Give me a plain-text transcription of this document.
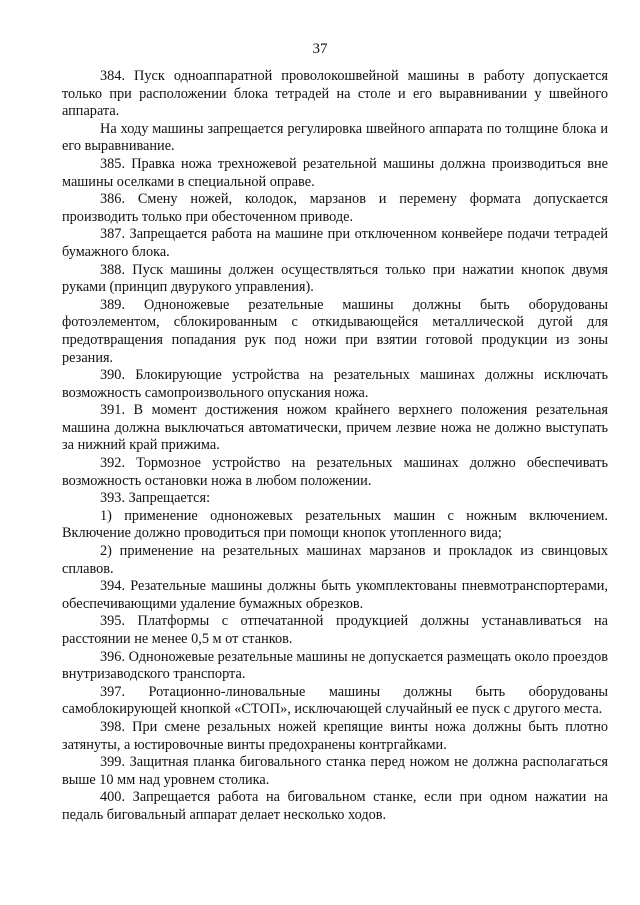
37

384. Пуск одноаппаратной проволокошвейной машины в работу допускается только при расположении блока тетрадей на столе и его выравнивании у швейного аппарата.

На ходу машины запрещается регулировка швейного аппарата по толщине блока и его выравнивание.

385. Правка ножа трехножевой резательной машины должна производиться вне машины оселками в специальной оправе.

386. Смену ножей, колодок, марзанов и перемену формата допускается производить только при обесточенном приводе.

387. Запрещается работа на машине при отключенном конвейере подачи тетрадей бумажного блока.

388. Пуск машины должен осуществляться только при нажатии кнопок двумя руками (принцип двурукого управления).

389. Одноножевые резательные машины должны быть оборудованы фотоэлементом, сблокированным с откидывающейся металлической дугой для предотвращения попадания рук под ножи при взятии готовой продукции из зоны резания.

390. Блокирующие устройства на резательных машинах должны исключать возможность самопроизвольного опускания ножа.

391. В момент достижения ножом крайнего верхнего положения резательная машина должна выключаться автоматически, причем лезвие ножа не должно выступать за нижний край прижима.

392. Тормозное устройство на резательных машинах должно обеспечивать возможность остановки ножа в любом положении.

393. Запрещается:

1) применение одноножевых резательных машин с ножным включением. Включение должно проводиться при помощи кнопок утопленного вида;

2) применение на резательных машинах марзанов и прокладок из свинцовых сплавов.

394. Резательные машины должны быть укомплектованы пневмотранспортерами, обеспечивающими удаление бумажных обрезков.

395. Платформы с отпечатанной продукцией должны устанавливаться на расстоянии не менее 0,5 м от станков.

396. Одноножевые резательные машины не допускается размещать около проездов внутризаводского транспорта.

397. Ротационно-линовальные машины должны быть оборудованы самоблокирующей кнопкой «СТОП», исключающей случайный ее пуск с другого места.

398. При смене резальных ножей крепящие винты ножа должны быть плотно затянуты, а юстировочные винты предохранены контргайками.

399. Защитная планка биговального станка перед ножом не должна располагаться выше 10 мм над уровнем столика.

400. Запрещается работа на биговальном станке, если при одном нажатии на педаль биговальный аппарат делает несколько ходов.
